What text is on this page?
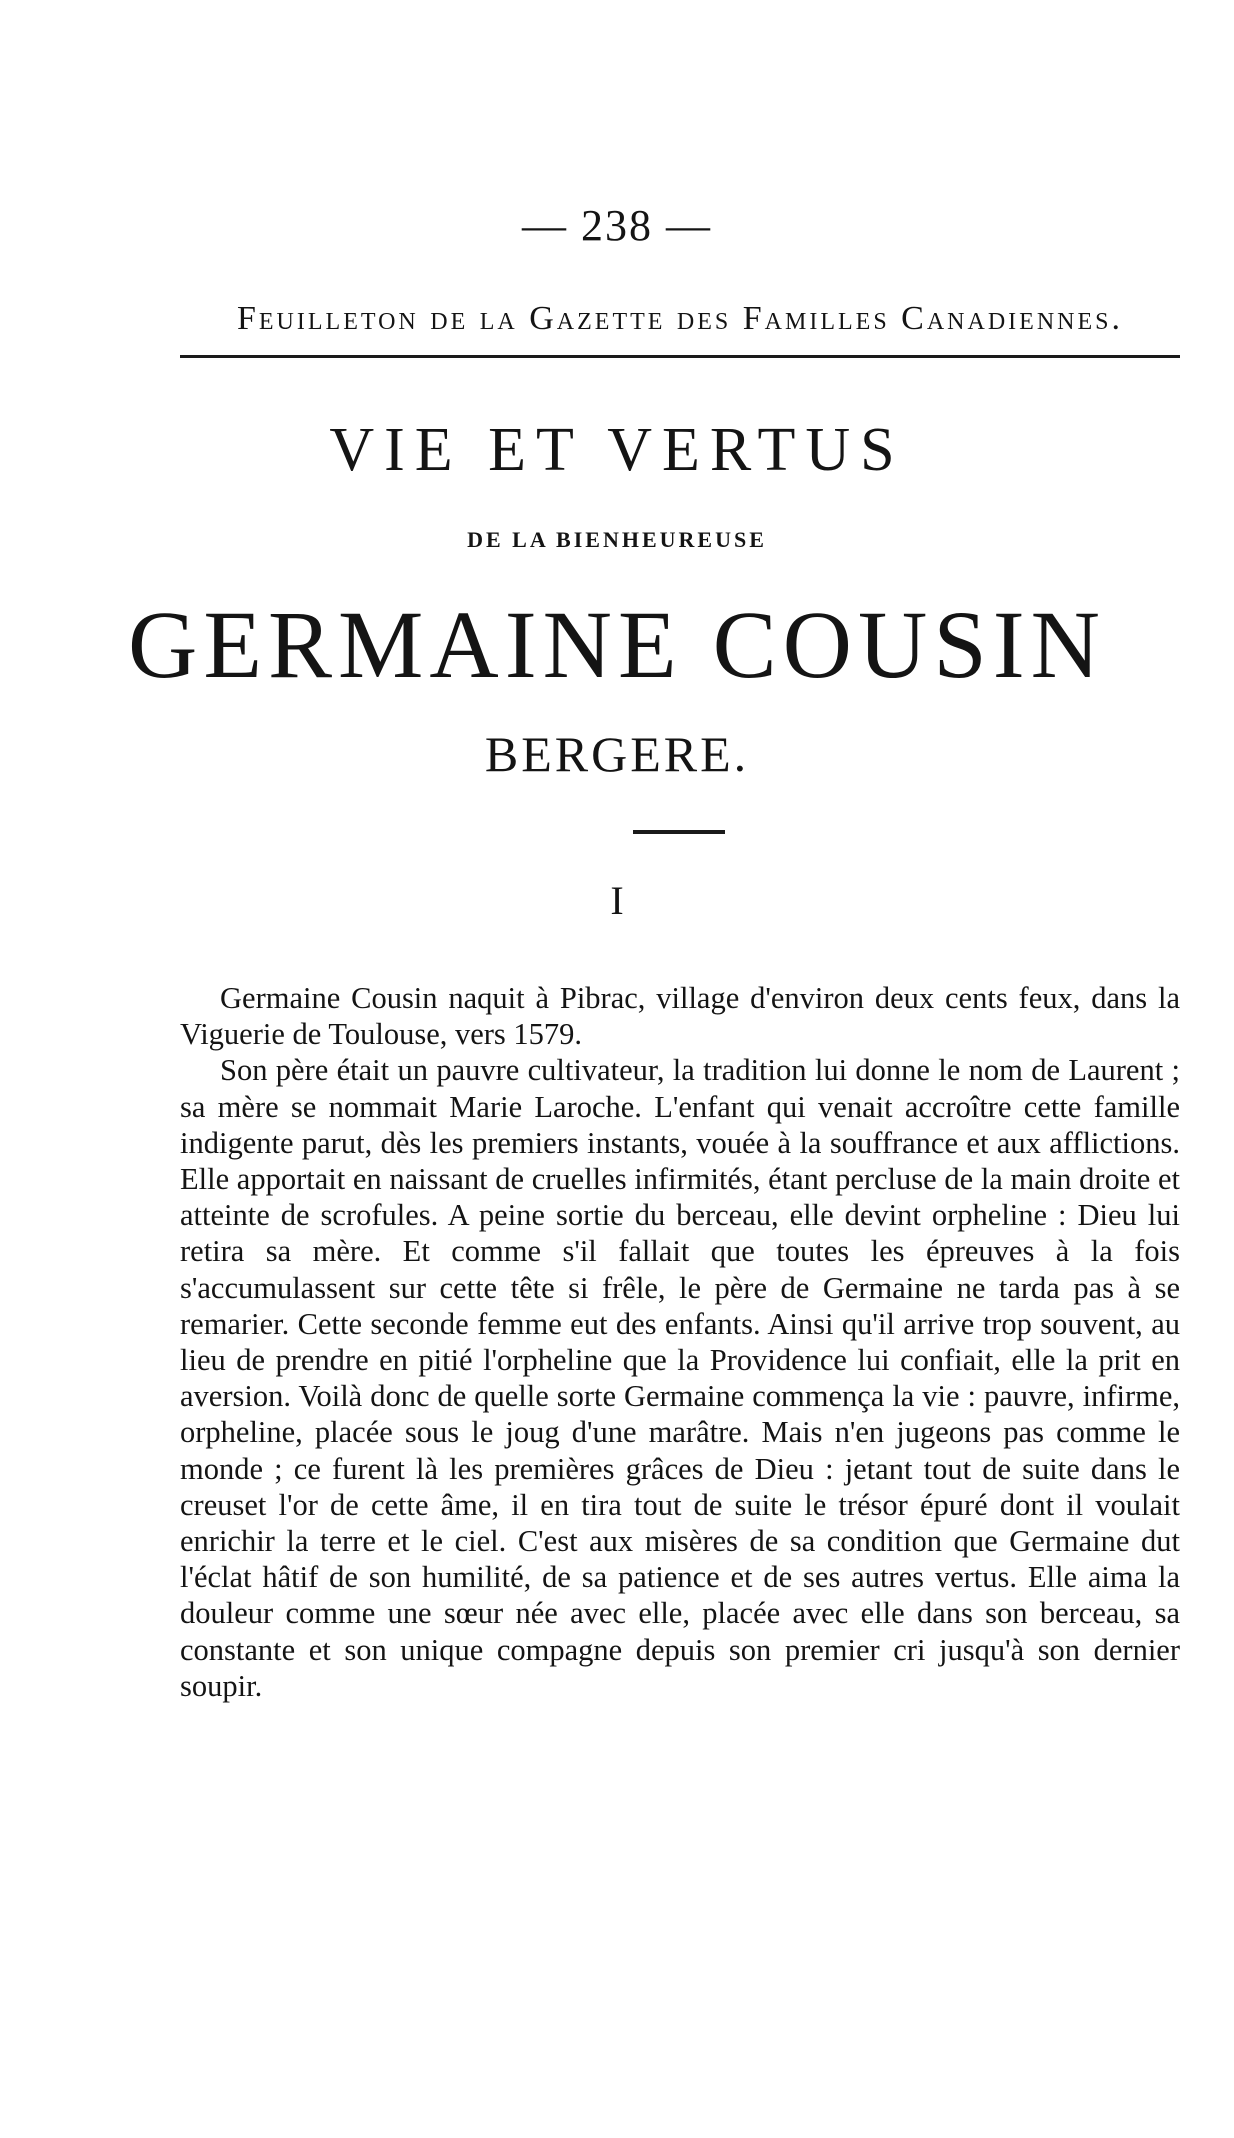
— 238 —
Feuilleton de la Gazette des Familles Canadiennes.
VIE ET VERTUS
DE LA BIENHEUREUSE
GERMAINE COUSIN
BERGERE.
I

Germaine Cousin naquit à Pibrac, village d'environ deux cents feux, dans la Viguerie de Toulouse, vers 1579.

Son père était un pauvre cultivateur, la tradition lui donne le nom de Laurent ; sa mère se nommait Marie Laroche. L'enfant qui venait accroître cette famille indigente parut, dès les premiers instants, vouée à la souffrance et aux afflictions. Elle apportait en naissant de cruelles infirmités, étant percluse de la main droite et atteinte de scrofules. A peine sortie du berceau, elle devint orpheline : Dieu lui retira sa mère. Et comme s'il fallait que toutes les épreuves à la fois s'accumulassent sur cette tête si frêle, le père de Germaine ne tarda pas à se remarier. Cette seconde femme eut des enfants. Ainsi qu'il arrive trop souvent, au lieu de prendre en pitié l'orpheline que la Providence lui confiait, elle la prit en aversion. Voilà donc de quelle sorte Germaine commença la vie : pauvre, infirme, orpheline, placée sous le joug d'une marâtre. Mais n'en jugeons pas comme le monde ; ce furent là les premières grâces de Dieu : jetant tout de suite dans le creuset l'or de cette âme, il en tira tout de suite le trésor épuré dont il voulait enrichir la terre et le ciel. C'est aux misères de sa condition que Germaine dut l'éclat hâtif de son humilité, de sa patience et de ses autres vertus. Elle aima la douleur comme une sœur née avec elle, placée avec elle dans son berceau, sa constante et son unique compagne depuis son premier cri jusqu'à son dernier soupir.
